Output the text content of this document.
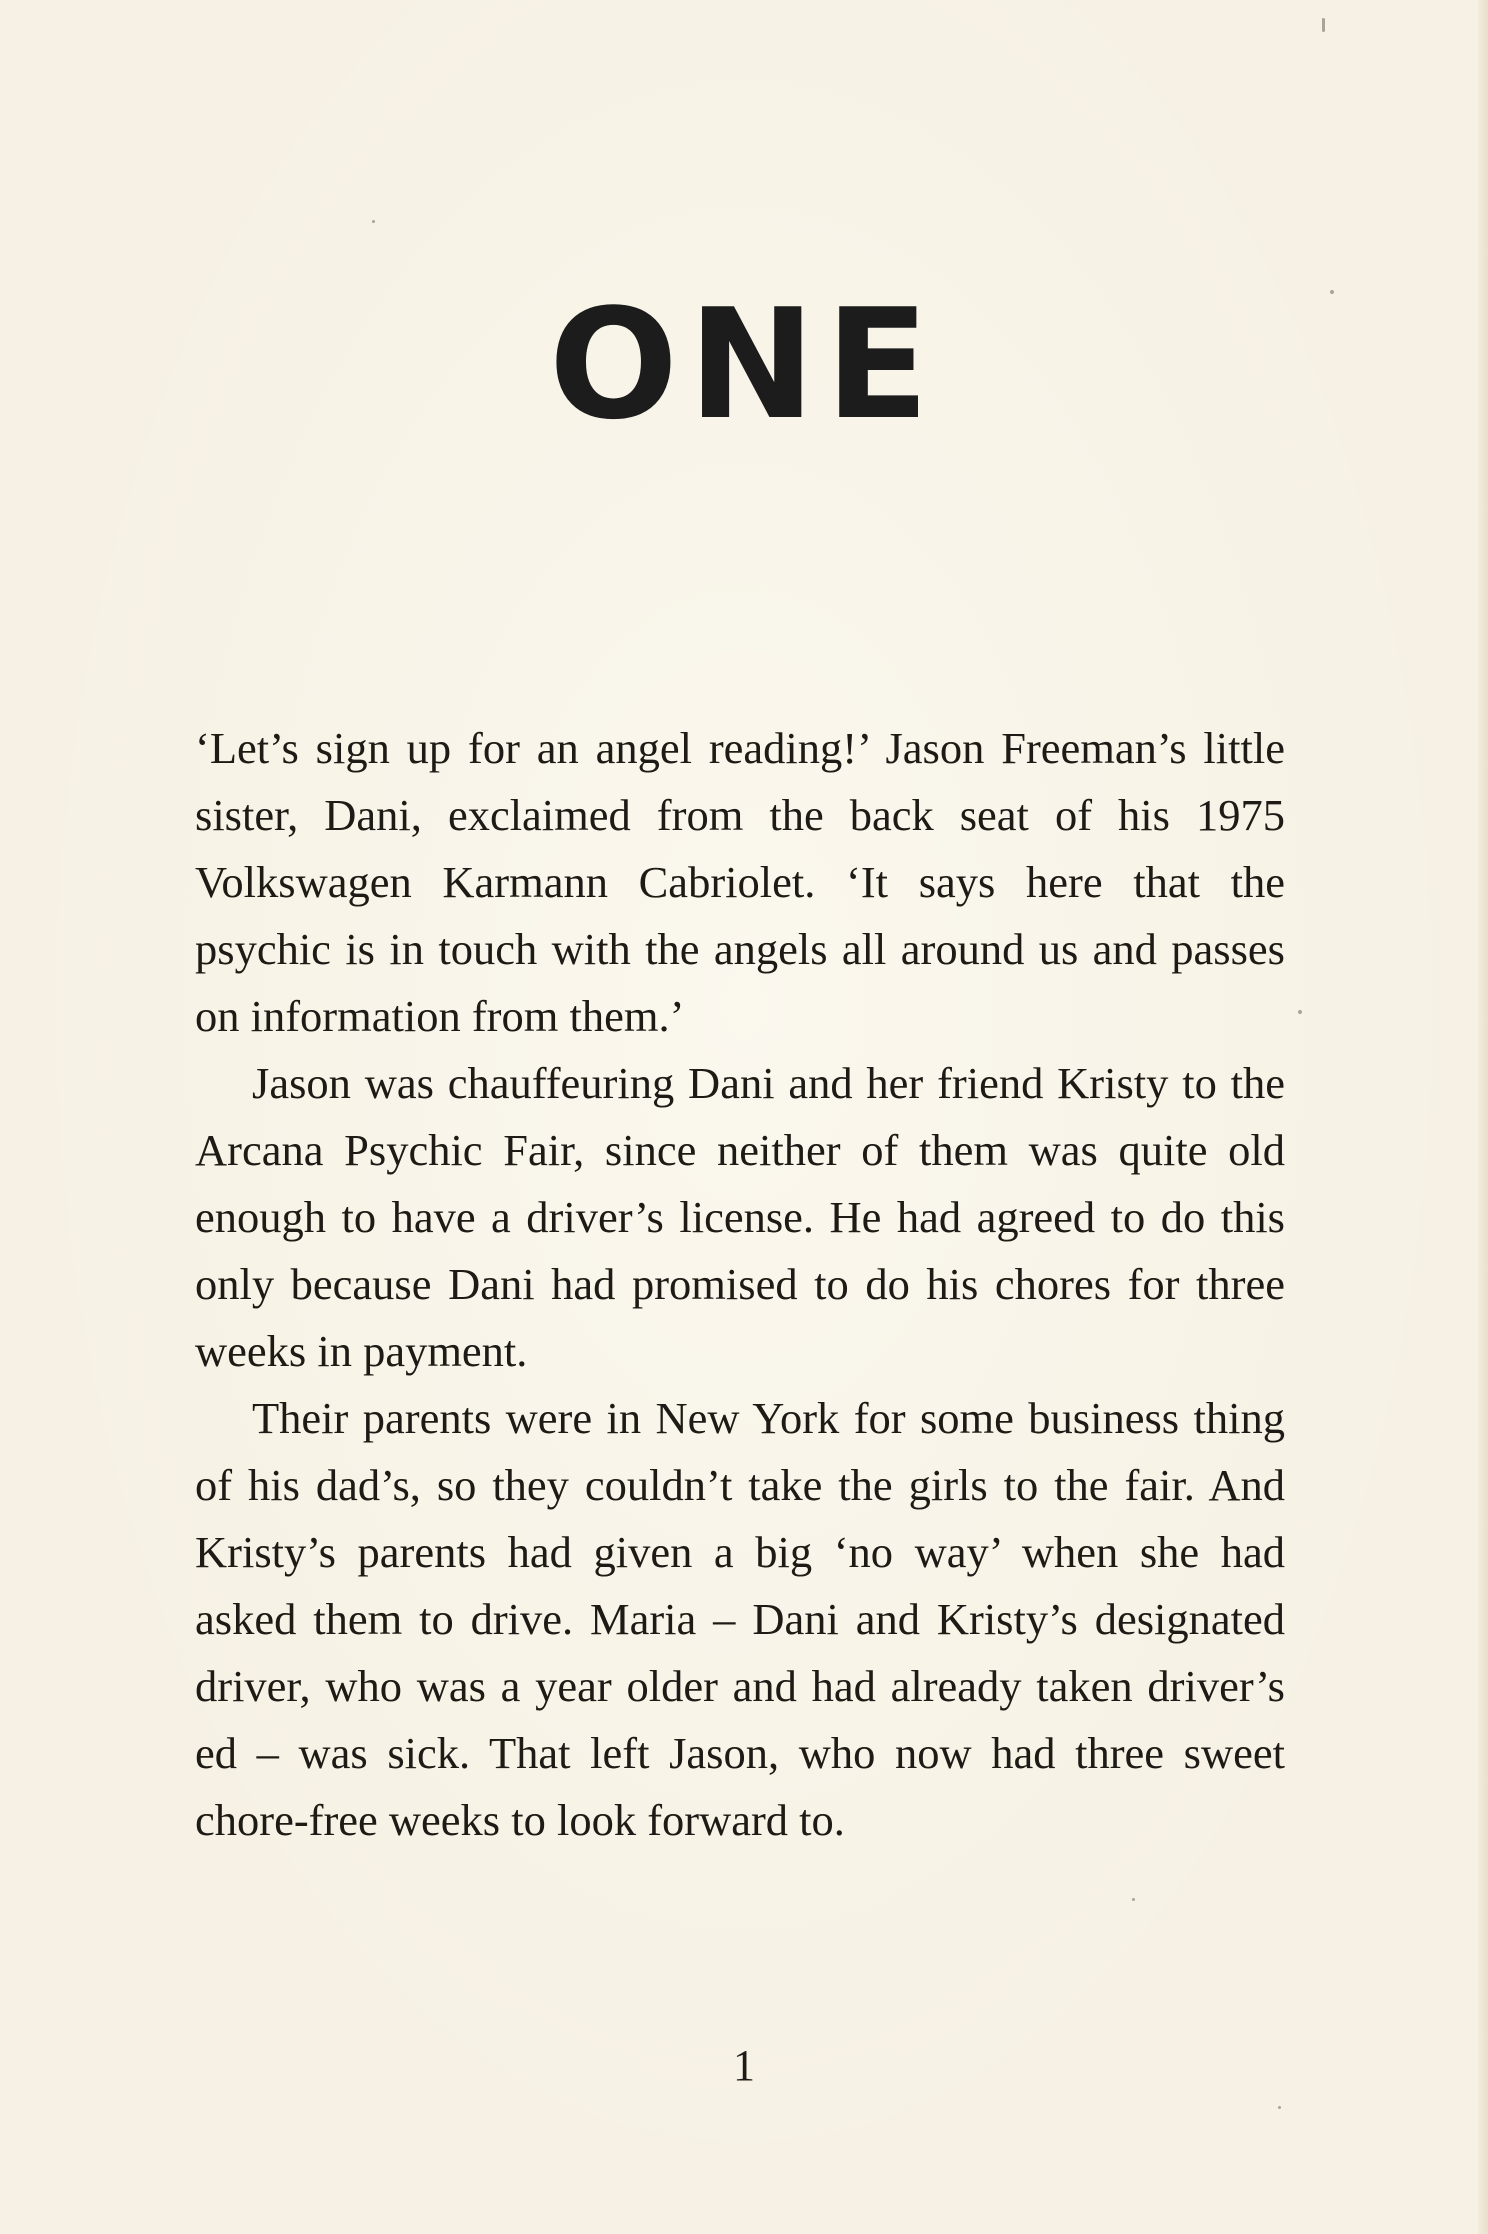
ONE

‘Let’s sign up for an angel reading!’ Jason Freeman’s little sister, Dani, exclaimed from the back seat of his 1975 Volkswagen Karmann Cabriolet. ‘It says here that the psychic is in touch with the angels all around us and passes on information from them.’

Jason was chauffeuring Dani and her friend Kristy to the Arcana Psychic Fair, since neither of them was quite old enough to have a driver’s license. He had agreed to do this only because Dani had promised to do his chores for three weeks in payment.

Their parents were in New York for some business thing of his dad’s, so they couldn’t take the girls to the fair. And Kristy’s parents had given a big ‘no way’ when she had asked them to drive. Maria – Dani and Kristy’s designated driver, who was a year older and had already taken driver’s ed – was sick. That left Jason, who now had three sweet chore-free weeks to look forward to.

1
